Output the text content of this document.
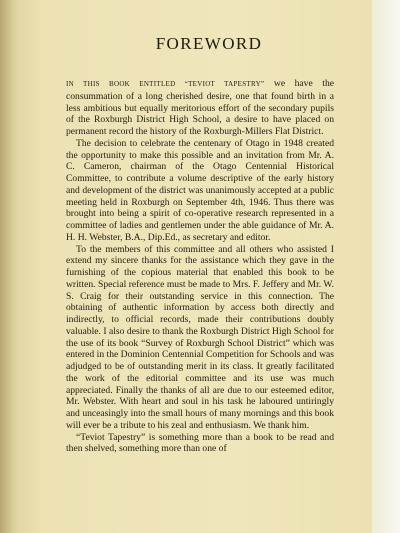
FOREWORD

IN THIS BOOK ENTITLED “TEVIOT TAPESTRY” we have the consummation of a long cherished desire, one that found birth in a less ambitious but equally meritorious effort of the secondary pupils of the Roxburgh District High School, a desire to have placed on permanent record the history of the Roxburgh-Millers Flat District.

The decision to celebrate the centenary of Otago in 1948 created the opportunity to make this possible and an invitation from Mr. A. C. Cameron, chairman of the Otago Centennial Historical Committee, to contribute a volume descriptive of the early history and development of the district was unanimously accepted at a public meeting held in Roxburgh on September 4th, 1946. Thus there was brought into being a spirit of co-operative research represented in a committee of ladies and gentlemen under the able guidance of Mr. A. H. H. Webster, B.A., Dip.Ed., as secretary and editor.

To the members of this committee and all others who assisted I extend my sincere thanks for the assistance which they gave in the furnishing of the copious material that enabled this book to be written. Special reference must be made to Mrs. F. Jeffery and Mr. W. S. Craig for their outstanding service in this connection. The obtaining of authentic information by access both directly and indirectly, to official records, made their contributions doubly valuable. I also desire to thank the Roxburgh District High School for the use of its book “Survey of Roxburgh School District” which was entered in the Dominion Centennial Competition for Schools and was adjudged to be of outstanding merit in its class. It greatly facilitated the work of the editorial committee and its use was much appreciated. Finally the thanks of all are due to our esteemed editor, Mr. Webster. With heart and soul in his task he laboured untiringly and unceasingly into the small hours of many mornings and this book will ever be a tribute to his zeal and enthusiasm. We thank him.

“Teviot Tapestry” is something more than a book to be read and then shelved, something more than one of
